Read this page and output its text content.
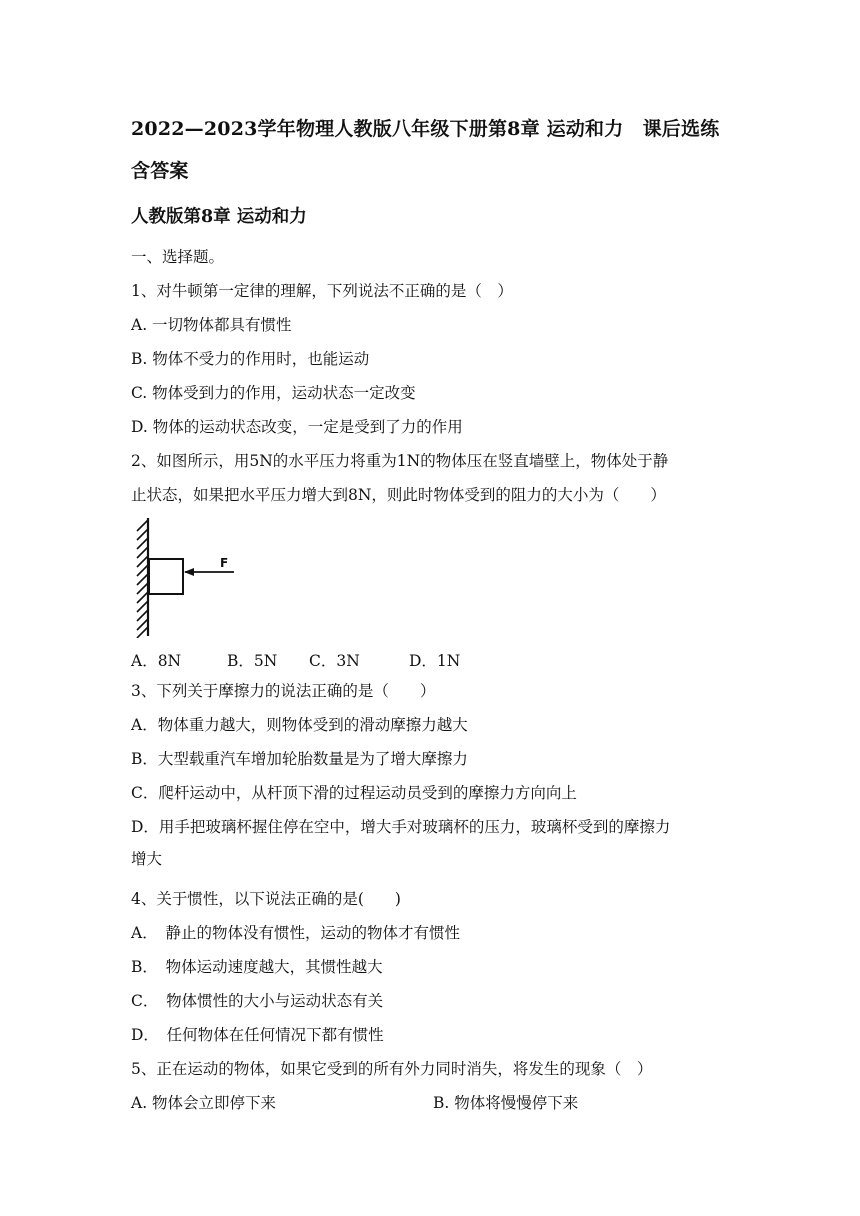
2022—2023学年物理人教版八年级下册第8章 运动和力　课后选练
含答案
人教版第8章 运动和力
一、选择题。
1、对牛顿第一定律的理解，下列说法不正确的是（　）
A. 一切物体都具有惯性
B. 物体不受力的作用时，也能运动
C. 物体受到力的作用，运动状态一定改变
D. 物体的运动状态改变，一定是受到了力的作用
2、如图所示，用5N的水平压力将重为1N的物体压在竖直墙壁上，物体处于静
止状态，如果把水平压力增大到8N，则此时物体受到的阻力的大小为（　　）
F
A．8N	B．5N C．3N	D．1N
3、下列关于摩擦力的说法正确的是（　　）
A．物体重力越大，则物体受到的滑动摩擦力越大
B．大型载重汽车增加轮胎数量是为了增大摩擦力
C．爬杆运动中，从杆顶下滑的过程运动员受到的摩擦力方向向上
D．用手把玻璃杯握住停在空中，增大手对玻璃杯的压力，玻璃杯受到的摩擦力
增大
4、关于惯性，以下说法正确的是(　　)
A．　静止的物体没有惯性，运动的物体才有惯性
B．　物体运动速度越大，其惯性越大
C．　物体惯性的大小与运动状态有关
D．　任何物体在任何情况下都有惯性
5、正在运动的物体，如果它受到的所有外力同时消失，将发生的现象（　）
A. 物体会立即停下来	B. 物体将慢慢停下来
